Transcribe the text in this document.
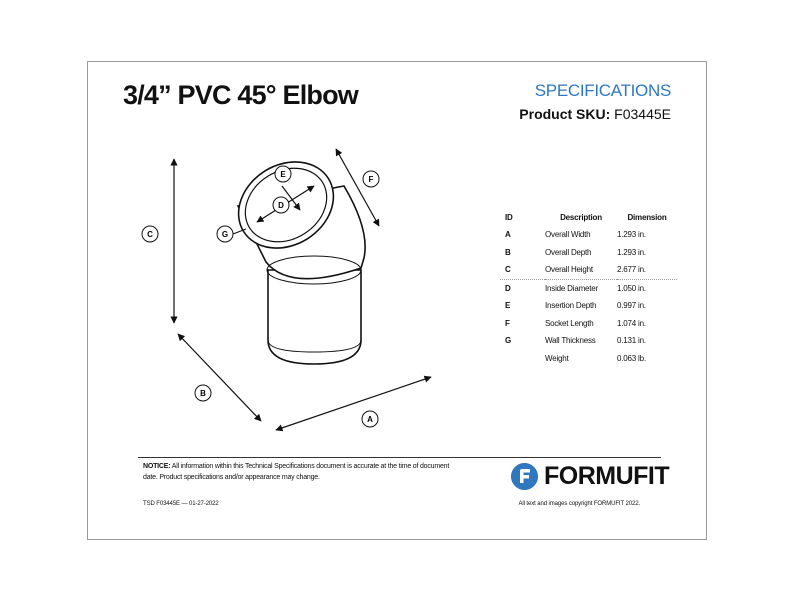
3/4” PVC 45° Elbow	SPECIFICATIONS
Product SKU: F03445E
A
B
C
D
E
F
G
ID	Description	Dimension
A	Overall Width	1.293 in.
B	Overall Depth	1.293 in.
C	Overall Height	2.677 in.
D	Inside Diameter	1.050 in.
E	Insertion Depth	0.997 in.
F	Socket Length	1.074 in.
G	Wall Thickness	0.131 in.
	Weight	0.063 lb.
NOTICE: All information within this Technical Specifications document is accurate at the time of document date. Product specifications and/or appearance may change.	FORMUFIT
TSD F03445E — 01-27-2022	All text and images copyright FORMUFIT 2022.
